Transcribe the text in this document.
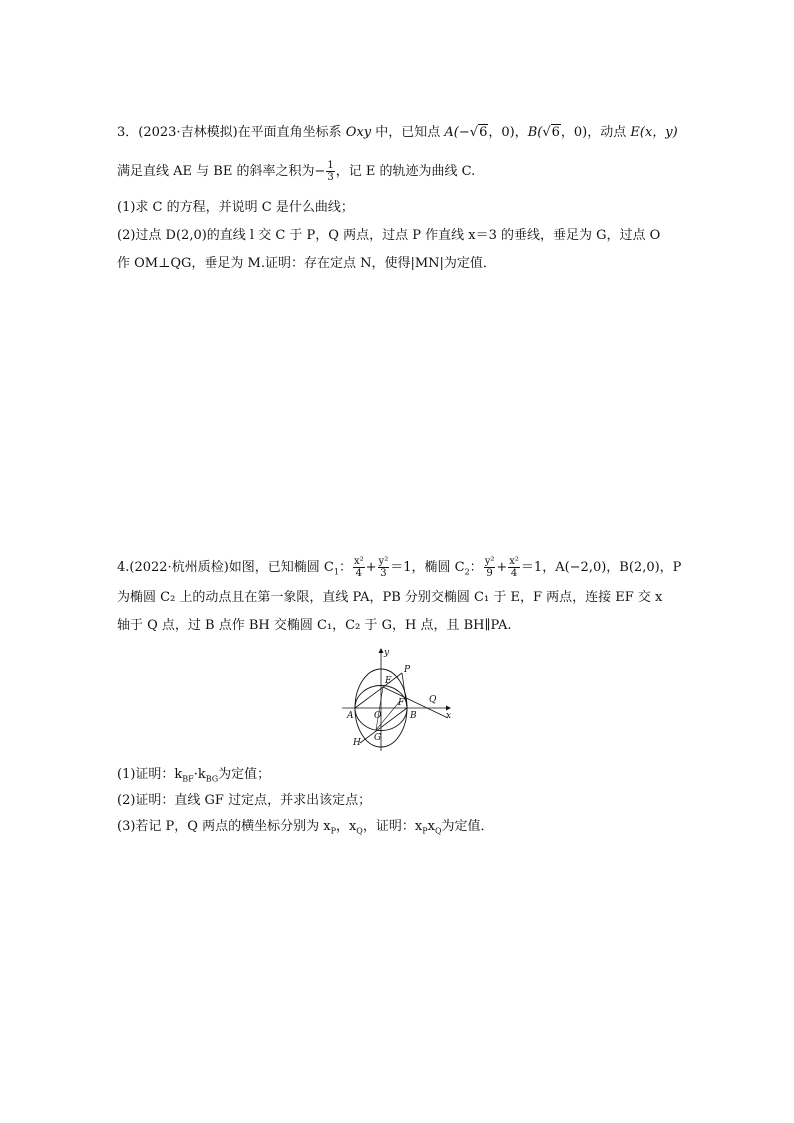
3．(2023·吉林模拟)在平面直角坐标系 Oxy 中，已知点 A(−√6，0)，B(√6，0)，动点 E(x，y)
满足直线 AE 与 BE 的斜率之积为− $\frac{1}{3}$ ，记 E 的轨迹为曲线 C.
(1)求 C 的方程，并说明 C 是什么曲线；
(2)过点 D(2,0)的直线 l 交 C 于 P，Q 两点，过点 P 作直线 x＝3 的垂线，垂足为 G，过点 O
作 OM⊥QG，垂足为 M.证明：存在定点 N，使得|MN|为定值．
4.(2022·杭州质检)如图，已知椭圆 $C_1$： $\frac{\text{x²}}{4} + \frac{\text{y²}}{3} =1$，椭圆 $C_2$： $\frac{\text{y²}}{9} + \frac{\text{x²}}{4} =1$，A(−2,0)，B(2,0)，P
为椭圆 C₂ 上的动点且在第一象限，直线 PA，PB 分别交椭圆 C₁ 于 E，F 两点，连接 EF 交 x
轴于 Q 点，过 B 点作 BH 交椭圆 C₁，C₂ 于 G，H 点，且 BH∥PA.
y
x
P
E
Q
F
A O	B
H G
(1)证明：$k_{BF}\cdot k_{BG}$为定值；
(2)证明：直线 GF 过定点，并求出该定点；
(3)若记 P，Q 两点的横坐标分别为 $x_P$，$x_Q$，证明：$x_Px_Q$为定值．
